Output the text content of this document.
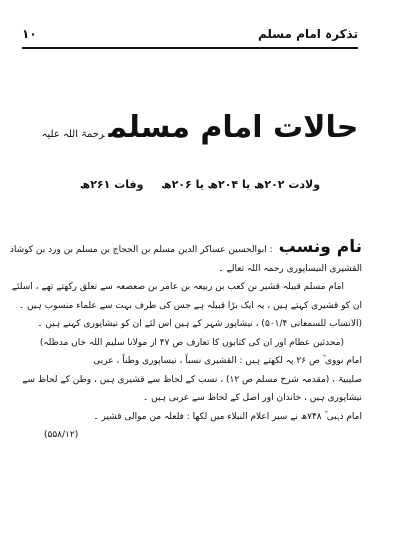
تذکرہ امام مسلم
۱۰
حالات امام مسلمرحمۃ اللہ علیہ
ولادت ۲۰۲ھ یا ۲۰۴ھ یا ۲۰۶ھ وفات ۲۶۱ھ
نام ونسب: ابوالحسین عساکر الدین مسلم بن الحجاج بن مسلم بن ورد بن کوشاذ
القشیری النیساپوری رحمہ اللہ تعالے ۔
امام مسلم قبیلہ قشیر بن کعب بن ربیعہ بن عامر بن صعصعہ سے تعلق رکھتے تھے ، اسلئے
ان کو قشیری کہتے ہیں ، یہ ایک بڑا قبیلہ ہے جس کی طرف بہت سے علماء منسوب ہیں ۔
(الانساب للسمعانی ۵۰۱/۴) ، نیشاپور شہر کے ہیں اس لئے ان کو نیشاپوری کہتے ہیں ۔
(محدثین عظام اور ان کی کتابوں کا تعارف ص ۴۷ از مولانا سلیم اللہ خاں مدظلہ)
امام نووی ؒ ص ۲۶ پہ لکھتے ہیں : القشیری نسباً ، نیساپوری وطناً ، عربی
صلیبیۃ ، (مقدمہ شرح مسلم ص ۱۲) ، نسب کے لحاظ سے قشیری ہیں ، وطن کے لحاظ سے
نیشاپوری ہیں ، خاندان اور اصل کے لحاظ سے عربی ہیں ۔
امام ذہبی ؒ ۷۴۸ھ نے سیر اعلام النبلاء میں لکھا : فلعلہ من موالی قشیر ۔
(۵۵۸/۱۲)
